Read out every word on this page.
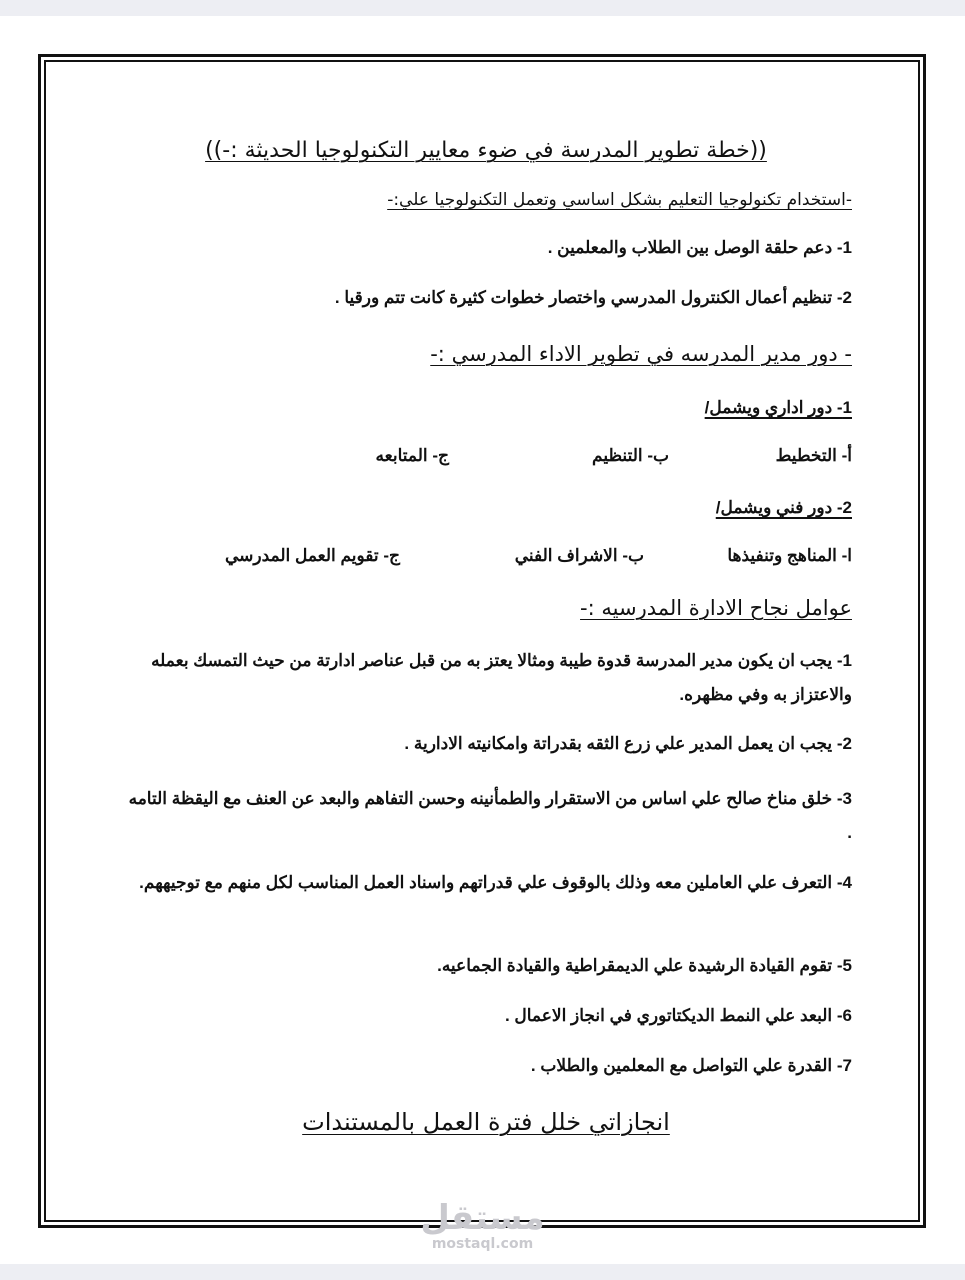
((خطة تطوير المدرسة في ضوء معايير التكنولوجيا الحديثة :-))
-استخدام تكنولوجيا التعليم بشكل اساسي وتعمل التكنولوجيا علي:-
1- دعم حلقة الوصل بين الطلاب والمعلمين .
2- تنظيم أعمال الكنترول المدرسي واختصار خطوات كثيرة كانت تتم ورقيا .
- دور مدير المدرسه في تطوير الاداء المدرسي :-
1- دور اداري ويشمل/
أ- التخطيط
ب- التنظيم
ج- المتابعه
2- دور فني ويشمل/
ا- المناهج وتنفيذها
ب- الاشراف الفني
ج- تقويم العمل المدرسي
عوامل نجاح الادارة المدرسيه :-
1- يجب ان يكون مدير المدرسة قدوة طيبة ومثالا يعتز به من قبل عناصر ادارتة من حيث التمسك بعمله والاعتزاز به وفي مظهره.
2- يجب ان يعمل المدير علي زرع الثقه بقدراتة وامكانيته الادارية .
3- خلق مناخ صالح علي اساس من الاستقرار والطمأنينه وحسن التفاهم والبعد عن العنف مع اليقظة التامه .
4- التعرف علي العاملين معه وذلك بالوقوف علي قدراتهم واسناد العمل المناسب لكل منهم مع توجيههم.
5- تقوم القيادة الرشيدة علي الديمقراطية والقيادة الجماعيه.
6- البعد علي النمط الديكتاتوري في انجاز الاعمال .
7- القدرة علي التواصل مع المعلمين والطلاب .
انجازاتي خلل فترة العمل بالمستندات
مستقل
mostaql.com
